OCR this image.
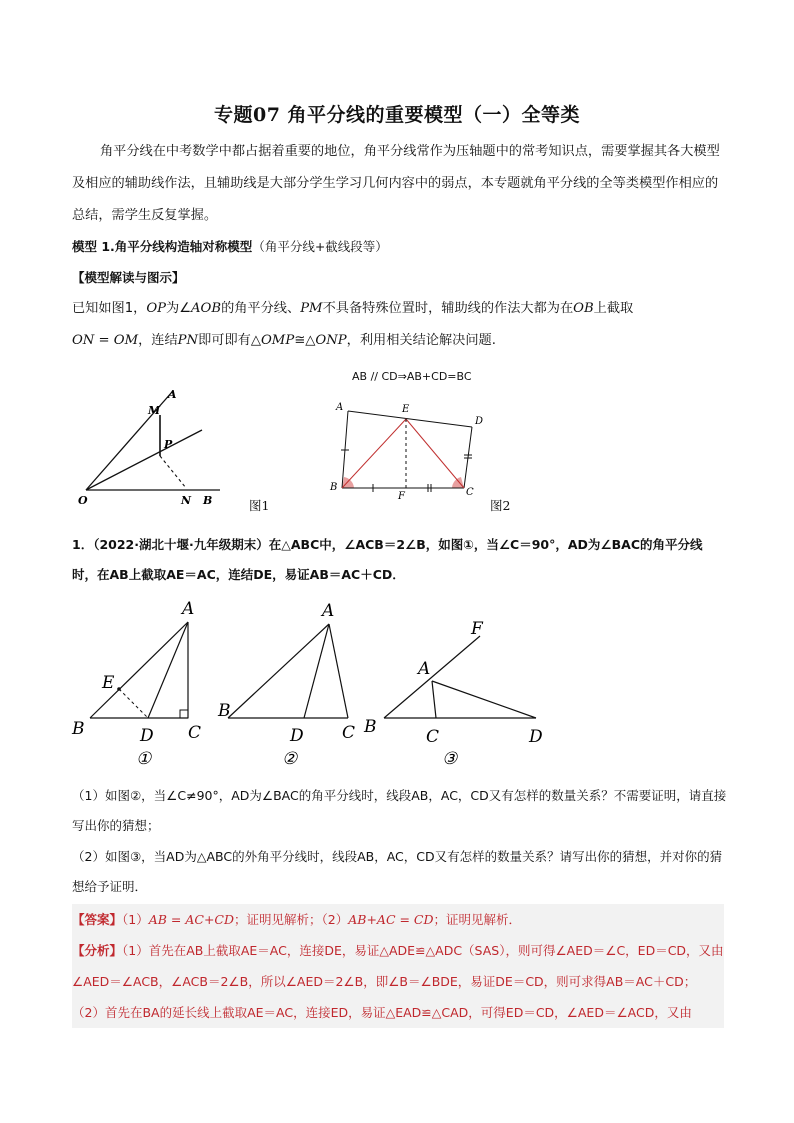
专题07 角平分线的重要模型（一）全等类
角平分线在中考数学中都占据着重要的地位，角平分线常作为压轴题中的常考知识点，需要掌握其各大模型及相应的辅助线作法，且辅助线是大部分学生学习几何内容中的弱点，本专题就角平分线的全等类模型作相应的总结，需学生反复掌握。
模型 1.角平分线构造轴对称模型（角平分线+截线段等）
【模型解读与图示】
已知如图1，OP为∠AOB的角平分线、PM不具备特殊位置时，辅助线的作法大都为在OB上截取
ON = OM，连结PN即可即有△OMP≅△ONP，利用相关结论解决问题.
A
M
P
O	N B	图1
AB // CD⇒AB+CD=BC
A	E
D
B
F	C
图2
1．（2022·湖北十堰·九年级期末）在△ABC中，∠ACB＝2∠B，如图①，当∠C＝90°，AD为∠BAC的角平分线时，在AB上截取AE＝AC，连结DE，易证AB＝AC＋CD．
A
E
B	D C
①
A
B
D C
②
F
A
B	C	D
③
（1）如图②，当∠C≠90°，AD为∠BAC的角平分线时，线段AB，AC，CD又有怎样的数量关系？不需要证明，请直接写出你的猜想；
（2）如图③，当AD为△ABC的外角平分线时，线段AB，AC，CD又有怎样的数量关系？请写出你的猜想，并对你的猜想给予证明．
【答案】（1）AB = AC+CD；证明见解析；（2）AB+AC = CD；证明见解析．
【分析】（1）首先在AB上截取AE＝AC，连接DE，易证△ADE≌△ADC（SAS），则可得∠AED＝∠C，ED＝CD，又由∠AED＝∠ACB，∠ACB＝2∠B，所以∠AED＝2∠B，即∠B＝∠BDE，易证DE＝CD，则可求得AB＝AC＋CD；
（2）首先在BA的延长线上截取AE＝AC，连接ED，易证△EAD≌△CAD，可得ED＝CD，∠AED＝∠ACD，又由
